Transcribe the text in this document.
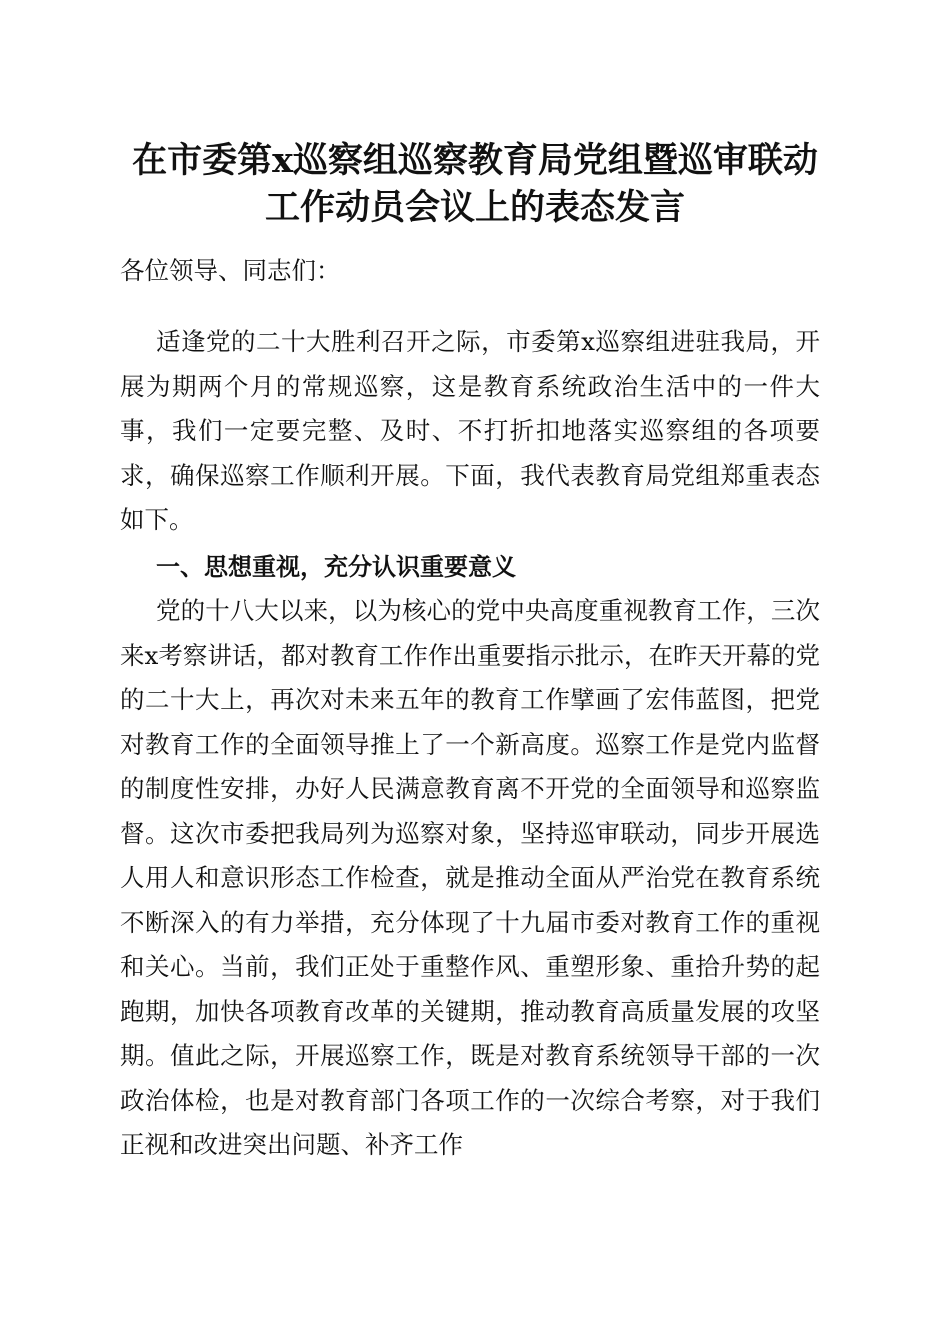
在市委第x巡察组巡察教育局党组暨巡审联动
工作动员会议上的表态发言

各位领导、同志们：

适逢党的二十大胜利召开之际，市委第x巡察组进驻我局，开展为期两个月的常规巡察，这是教育系统政治生活中的一件大事，我们一定要完整、及时、不打折扣地落实巡察组的各项要求，确保巡察工作顺利开展。下面，我代表教育局党组郑重表态如下。

一、思想重视，充分认识重要意义

党的十八大以来，以为核心的党中央高度重视教育工作，三次来x考察讲话，都对教育工作作出重要指示批示，在昨天开幕的党的二十大上，再次对未来五年的教育工作擘画了宏伟蓝图，把党对教育工作的全面领导推上了一个新高度。巡察工作是党内监督的制度性安排，办好人民满意教育离不开党的全面领导和巡察监督。这次市委把我局列为巡察对象，坚持巡审联动，同步开展选人用人和意识形态工作检查，就是推动全面从严治党在教育系统不断深入的有力举措，充分体现了十九届市委对教育工作的重视和关心。当前，我们正处于重整作风、重塑形象、重拾升势的起跑期，加快各项教育改革的关键期，推动教育高质量发展的攻坚期。值此之际，开展巡察工作，既是对教育系统领导干部的一次政治体检，也是对教育部门各项工作的一次综合考察，对于我们正视和改进突出问题、补齐工作
